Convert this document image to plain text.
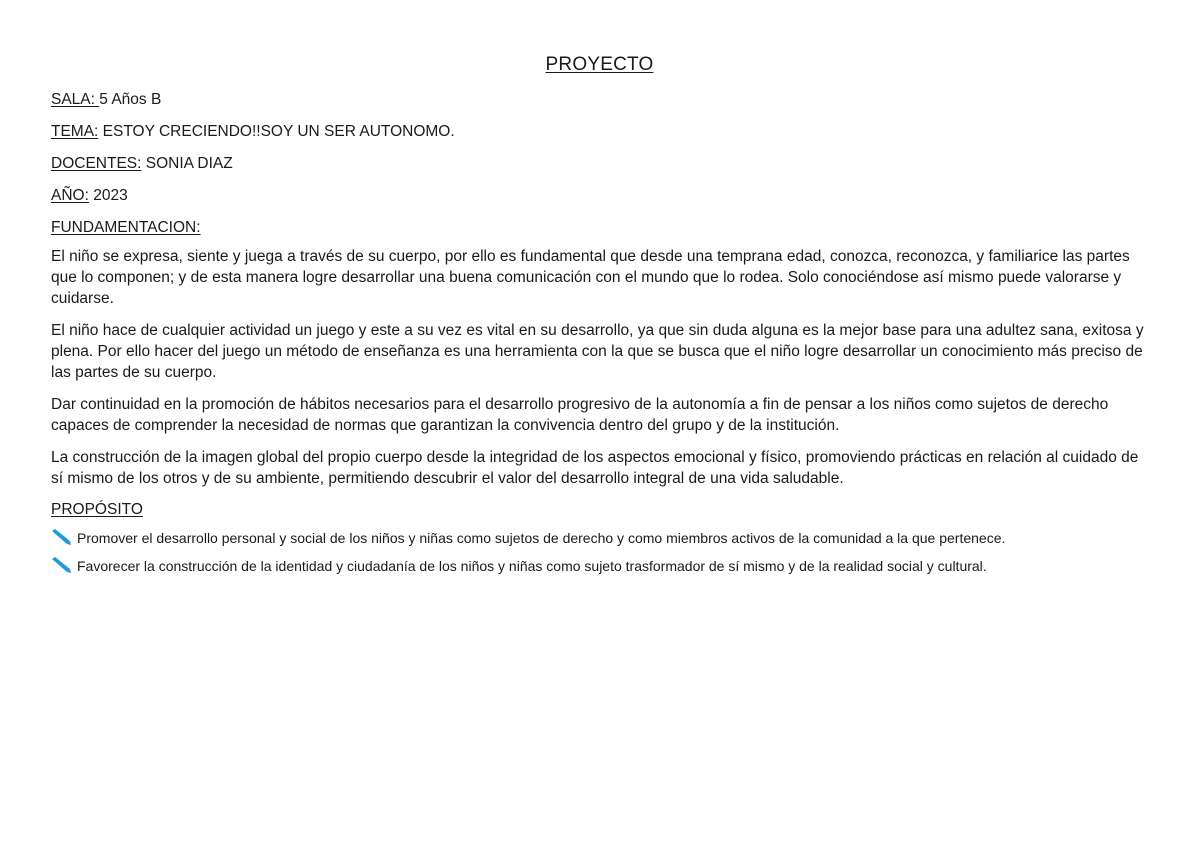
PROYECTO
SALA: 5 Años B
TEMA: ESTOY CRECIENDO!!SOY UN SER AUTONOMO.
DOCENTES: SONIA DIAZ
AÑO: 2023
FUNDAMENTACION:

El niño se expresa, siente y juega a través de su cuerpo, por ello es fundamental que desde una temprana edad, conozca, reconozca, y familiarice las partes que lo componen; y de esta manera logre desarrollar una buena comunicación con el mundo que lo rodea. Solo conociéndose así mismo puede valorarse y cuidarse.

El niño hace de cualquier actividad un juego y este a su vez es vital en su desarrollo, ya que sin duda alguna es la mejor base para una adultez sana, exitosa y plena. Por ello hacer del juego un método de enseñanza es una herramienta con la que se busca que el niño logre desarrollar un conocimiento más preciso de las partes de su cuerpo.

Dar continuidad en la promoción de hábitos necesarios para el desarrollo progresivo de la autonomía a fin de pensar a los niños como sujetos de derecho capaces de comprender la necesidad de normas que garantizan la convivencia dentro del grupo y de la institución.

La construcción de la imagen global del propio cuerpo desde la integridad de los aspectos emocional y físico, promoviendo prácticas en relación al cuidado de sí mismo de los otros y de su ambiente, permitiendo descubrir el valor del desarrollo integral de una vida saludable.

PROPÓSITO
Promover el desarrollo personal y social de los niños y niñas como sujetos de derecho y como miembros activos de la comunidad a la que pertenece.
Favorecer la construcción de la identidad y ciudadanía de los niños y niñas como sujeto trasformador de sí mismo y de la realidad social y cultural.
